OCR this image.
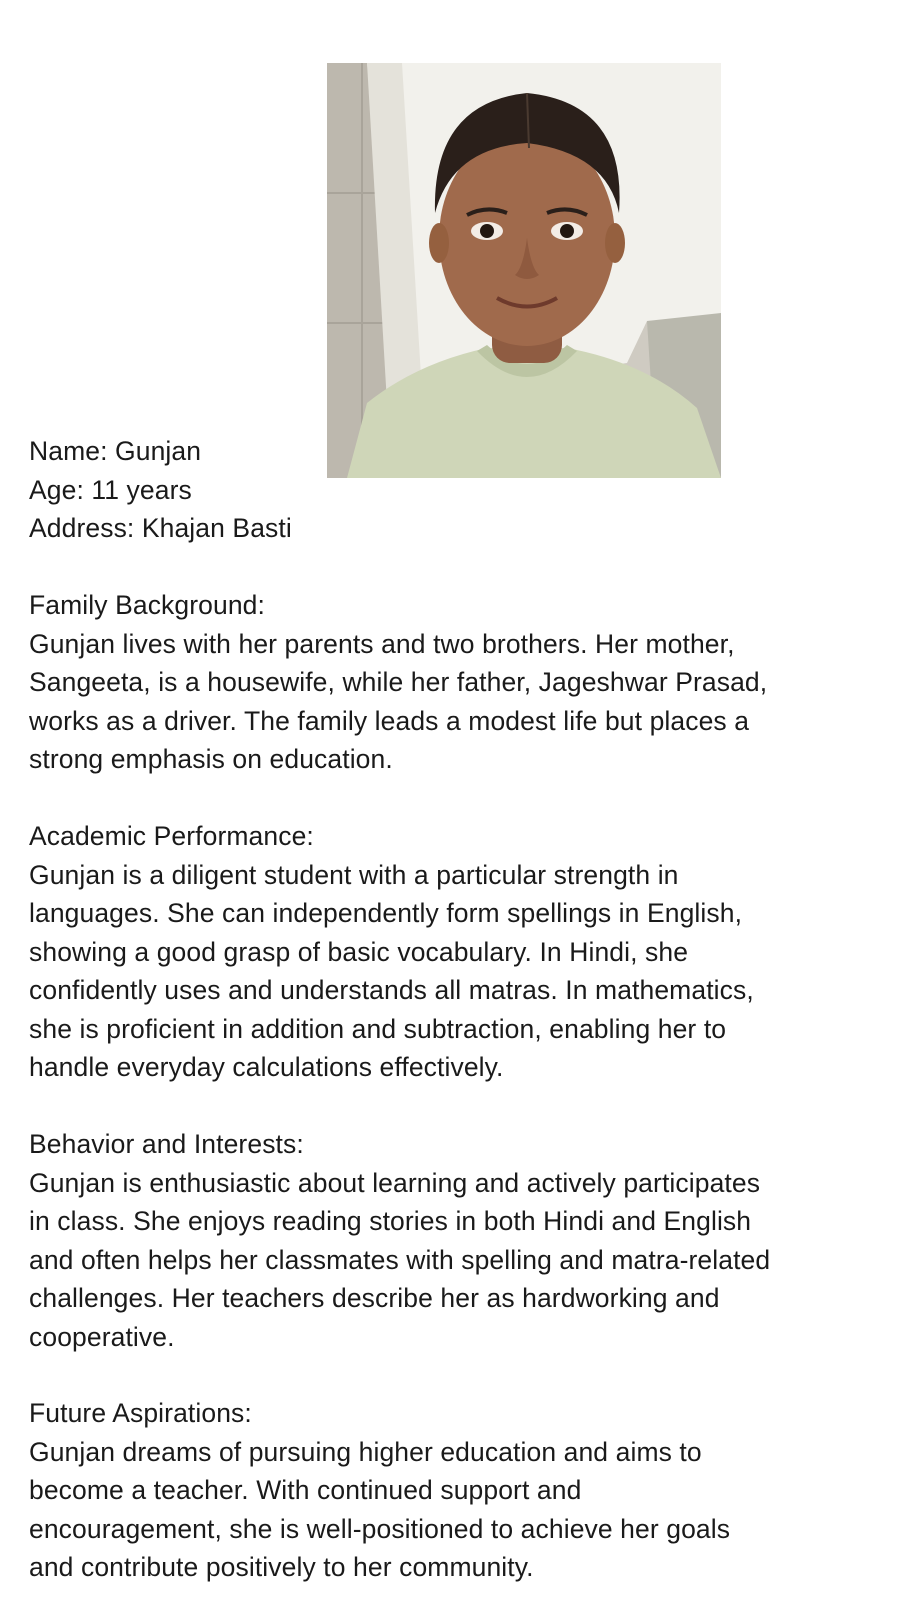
Name: Gunjan
Age: 11 years
Address: Khajan Basti
Family Background:
Gunjan lives with her parents and two brothers. Her mother,
Sangeeta, is a housewife, while her father, Jageshwar Prasad,
works as a driver. The family leads a modest life but places a
strong emphasis on education.
Academic Performance:
Gunjan is a diligent student with a particular strength in
languages. She can independently form spellings in English,
showing a good grasp of basic vocabulary. In Hindi, she
confidently uses and understands all matras. In mathematics,
she is proficient in addition and subtraction, enabling her to
handle everyday calculations effectively.
Behavior and Interests:
Gunjan is enthusiastic about learning and actively participates
in class. She enjoys reading stories in both Hindi and English
and often helps her classmates with spelling and matra-related
challenges. Her teachers describe her as hardworking and
cooperative.
Future Aspirations:
Gunjan dreams of pursuing higher education and aims to
become a teacher. With continued support and
encouragement, she is well-positioned to achieve her goals
and contribute positively to her community.
